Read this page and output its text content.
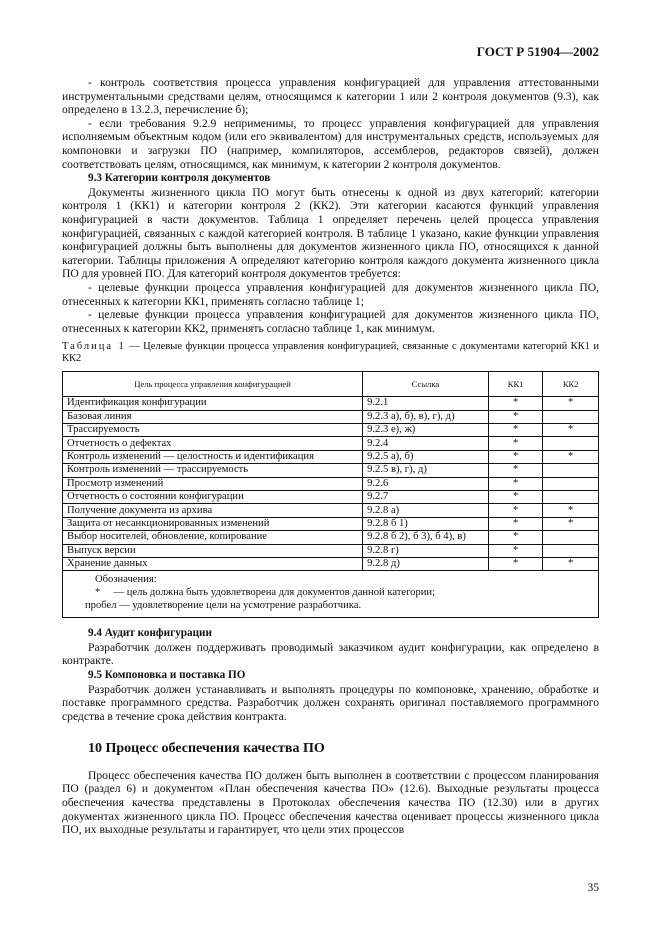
ГОСТ Р 51904—2002

- контроль соответствия процесса управления конфигурацией для управления аттестованными инструментальными средствами целям, относящимся к категории 1 или 2 контроля документов (9.3), как определено в 13.2.3, перечисление б);

- если требования 9.2.9 неприменимы, то процесс управления конфигурацией для управления исполняемым объектным кодом (или его эквивалентом) для инструментальных средств, используемых для компоновки и загрузки ПО (например, компиляторов, ассемблеров, редакторов связей), должен соответствовать целям, относящимся, как минимум, к категории 2 контроля документов.

9.3 Категории контроля документов

Документы жизненного цикла ПО могут быть отнесены к одной из двух категорий: категории контроля 1 (КК1) и категории контроля 2 (КК2). Эти категории касаются функций управления конфигурацией в части документов. Таблица 1 определяет перечень целей процесса управления конфигурацией, связанных с каждой категорией контроля. В таблице 1 указано, какие функции управления конфигурацией должны быть выполнены для документов жизненного цикла ПО, относящихся к данной категории. Таблицы приложения А определяют категорию контроля каждого документа жизненного цикла ПО для уровней ПО. Для категорий контроля документов требуется:

- целевые функции процесса управления конфигурацией для документов жизненного цикла ПО, отнесенных к категории КК1, применять согласно таблице 1;

- целевые функции процесса управления конфигурацией для документов жизненного цикла ПО, отнесенных к категории КК2, применять согласно таблице 1, как минимум.

Таблица 1 — Целевые функции процесса управления конфигурацией, связанные с документами категорий КК1 и КК2

Цель процесса управления конфигурацией	Ссылка	КК1	КК2
Идентификация конфигурации	9.2.1	*	*
Базовая линия	9.2.3 а), б), в), г), д)	*	
Трассируемость	9.2.3 е), ж)	*	*
Отчетность о дефектах	9.2.4	*	
Контроль изменений — целостность и идентификация	9.2.5 а), б)	*	*
Контроль изменений — трассируемость	9.2.5 в), г), д)	*	
Просмотр изменений	9.2.6	*	
Отчетность о состоянии конфигурации	9.2.7	*	
Получение документа из архива	9.2.8 а)	*	*
Защита от несанкционированных изменений	9.2.8 б 1)	*	*
Выбор носителей, обновление, копирование	9.2.8 б 2), б 3), б 4), в)	*	
Выпуск версии	9.2.8 г)	*	
Хранение данных	9.2.8 д)	*	*
Обозначения:
*     — цель должна быть удовлетворена для документов данной категории;
пробел — удовлетворение цели на усмотрение разработчика.
9.4 Аудит конфигурации

Разработчик должен поддерживать проводимый заказчиком аудит конфигурации, как определено в контракте.

9.5 Компоновка и поставка ПО

Разработчик должен устанавливать и выполнять процедуры по компоновке, хранению, обработке и поставке программного средства. Разработчик должен сохранять оригинал поставляемого программного средства в течение срока действия контракта.

10 Процесс обеспечения качества ПО

Процесс обеспечения качества ПО должен быть выполнен в соответствии с процессом планирования ПО (раздел 6) и документом «План обеспечения качества ПО» (12.6). Выходные результаты процесса обеспечения качества представлены в Протоколах обеспечения качества ПО (12.30) или в других документах жизненного цикла ПО. Процесс обеспечения качества оценивает процессы жизненного цикла ПО, их выходные результаты и гарантирует, что цели этих процессов

35
